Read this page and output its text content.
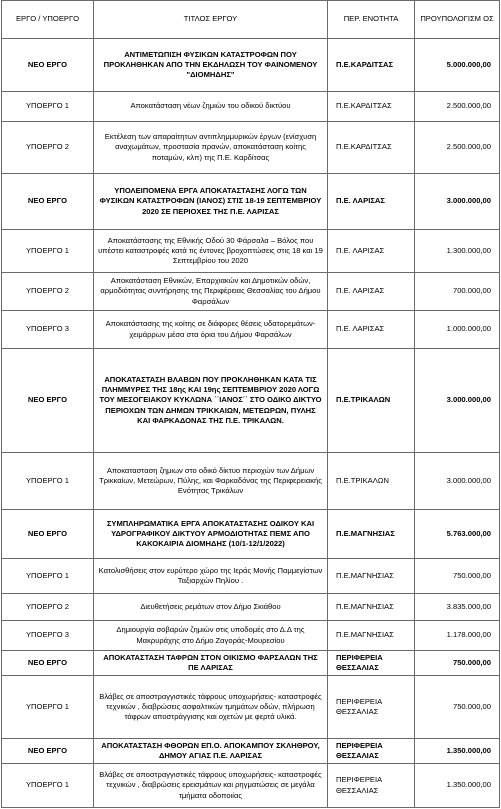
ΕΡΓΟ / ΥΠΟΕΡΓΟ	ΤΙΤΛΟΣ ΕΡΓΟΥ	ΠΕΡ. ΕΝΟΤΗΤΑ	ΠΡΟΥΠΟΛΟΓΙΣΜ ΟΣ
ΝΕΟ ΕΡΓΟ	ΑΝΤΙΜΕΤΩΠΙΣΗ ΦΥΣΙΚΩΝ ΚΑΤΑΣΤΡΟΦΩΝ ΠΟΥ ΠΡΟΚΛΗΘΗΚΑΝ ΑΠΟ ΤΗΝ ΕΚΔΗΛΩΣΗ ΤΟΥ ΦΑΙΝΟΜΕΝΟΥ "ΔΙΟΜΗΔΗΣ"	Π.Ε.ΚΑΡΔΙΤΣΑΣ	5.000.000,00
ΥΠΟΕΡΓΟ 1	Αποκατάσταση νέων ζημιών του οδικού δικτύου	Π.Ε.ΚΑΡΔΙΤΣΑΣ	2.500.000,00
ΥΠΟΕΡΓΟ 2	Εκτέλεση των απαραίτητων αντιπλημμυρικών έργων (ενίσχυση αναχωμάτων, προστασία πρανών, αποκατάσταση κοίτης ποταμών, κλπ) της Π.Ε. Καρδίτσας	Π.Ε.ΚΑΡΔΙΤΣΑΣ	2.500.000,00
ΝΕΟ ΕΡΓΟ	ΥΠΟΛΕΙΠΟΜΕΝΑ ΕΡΓΑ ΑΠΟΚΑΤΑΣΤΑΣΗΣ ΛΟΓΩ ΤΩΝ ΦΥΣΙΚΩΝ ΚΑΤΑΣΤΡΟΦΩΝ (ΙΑΝΟΣ) ΣΤΙΣ 18-19 ΣΕΠΤΕΜΒΡΙΟΥ 2020 ΣΕ ΠΕΡΙΟΧΕΣ ΤΗΣ Π.Ε. ΛΑΡΙΣΑΣ	Π.Ε. ΛΑΡΙΣΑΣ	3.000.000,00
ΥΠΟΕΡΓΟ 1	Αποκατάστασης της Εθνικής Οδού 30 Φάρσαλα – Βόλος που υπέστει καταστροφές κατά τις έντονες βροχοπτώσεις στις 18 και 19 Σεπτεμβρίου του 2020	Π.Ε. ΛΑΡΙΣΑΣ	1.300.000,00
ΥΠΟΕΡΓΟ 2	Αποκατάσταση Εθνικών, Επαρχιακών και Δημοτικών οδών, αρμοδιότητας συντήρησης της Περιφέρειας Θεσσαλίας του Δήμου Φαρσάλων	Π.Ε. ΛΑΡΙΣΑΣ	700.000,00
ΥΠΟΕΡΓΟ 3	Αποκατάστασης της κοίτης σε διάφορες θέσεις υδατορεμάτων-χειμάρρων μέσα στα όρια του Δήμου Φαρσάλων	Π.Ε. ΛΑΡΙΣΑΣ	1.000.000,00
ΝΕΟ ΕΡΓΟ	ΑΠΟΚΑΤΑΣΤΑΣΗ ΒΛΑΒΩΝ ΠΟΥ ΠΡΟΚΛΗΘΗΚΑΝ ΚΑΤΑ ΤΙΣ ΠΛΗΜΜΥΡΕΣ ΤΗΣ 18ης ΚΑΙ 19ης ΣΕΠΤΕΜΒΡΙΟΥ 2020 ΛΟΓΩ ΤΟΥ ΜΕΣΟΓΕΙΑΚΟΥ ΚΥΚΛΩΝΑ ΄΄ΙΑΝΟΣ΄΄ ΣΤΟ ΟΔΙΚΟ ΔΙΚΤΥΟ ΠΕΡΙΟΧΩΝ ΤΩΝ ΔΗΜΩΝ ΤΡΙΚΚΑΙΩΝ, ΜΕΤΕΩΡΩΝ, ΠΥΛΗΣ ΚΑΙ ΦΑΡΚΑΔΟΝΑΣ ΤΗΣ Π.Ε. ΤΡΙΚΑΛΩΝ.	Π.Ε.ΤΡΙΚΑΛΩΝ	3.000.000,00
ΥΠΟΕΡΓΟ 1	Αποκατασταση ζημιων στο οδικό δίκτυο περιοχών των Δήμων Τρικκαίων, Μετεώρων, Πύλης, και Φαρκαδόνας της Περιφερειακής Ενότητας Τρικάλων	Π.Ε.ΤΡΙΚΑΛΩΝ	3.000.000,00
ΝΕΟ ΕΡΓΟ	ΣΥΜΠΛΗΡΩΜΑΤΙΚΑ ΕΡΓΑ ΑΠΟΚΑΤΑΣΤΑΣΗΣ ΟΔΙΚΟΥ ΚΑΙ ΥΔΡΟΓΡΑΦΙΚΟΥ ΔΙΚΤΥΟΥ ΑΡΜΟΔΙΟΤΗΤΑΣ ΠΕΜΣ ΑΠΟ ΚΑΚΟΚΑΙΡΙΑ ΔΙΟΜΗΔΗΣ (10/1-12/1/2022)	Π.Ε.ΜΑΓΝΗΣΙΑΣ	5.763.000,00
ΥΠΟΕΡΓΟ 1	Κατολισθήσεις στον ευρύτερο χώρο της Ιεράς Μονής Παμμεγίστων Ταξιαρχών Πηλίου .	Π.Ε.ΜΑΓΝΗΣΙΑΣ	750.000,00
ΥΠΟΕΡΓΟ 2	Διευθετήσεις ρεμάτων στον Δήμο Σκιάθου	Π.Ε.ΜΑΓΝΗΣΙΑΣ	3.835.000,00
ΥΠΟΕΡΓΟ 3	Δημιουργία σοβαρών ζημιών στις υποδομές στο Δ.Δ της Μακρυράχης στο Δήμο Ζαγοράς-Μουρεσίου	Π.Ε.ΜΑΓΝΗΣΙΑΣ	1.178.000,00
ΝΕΟ ΕΡΓΟ	ΑΠΟΚΑΤΑΣΤΑΣΗ ΤΑΦΡΩΝ ΣΤΟΝ ΟΙΚΙΣΜΟ ΦΑΡΣΑΛΩΝ ΤΗΣ ΠΕ ΛΑΡΙΣΑΣ	ΠΕΡΙΦΕΡΕΙΑ ΘΕΣΣΑΛΙΑΣ	750.000,00
ΥΠΟΕΡΓΟ 1	Βλάβες σε αποστραγγιστικές τάφρους υποχωρήσεις- καταστροφές τεχνικών , διαβρώσεις ασφαλτικών τμημάτων οδών, πλήρωση τάφρων αποστράγγισης και οχετών με φερτά υλικά.	ΠΕΡΙΦΕΡΕΙΑ ΘΕΣΣΑΛΙΑΣ	750.000,00
ΝΕΟ ΕΡΓΟ	ΑΠΟΚΑΤΑΣΤΑΣΗ ΦΘΟΡΩΝ ΕΠ.Ο. ΑΠΟΚΑΜΠΟΥ ΣΚΛΗΘΡΟΥ, ΔΗΜΟΥ ΑΓΙΑΣ Π.Ε. ΛΑΡΙΣΑΣ	ΠΕΡΙΦΕΡΕΙΑ ΘΕΣΣΑΛΙΑΣ	1.350.000,00
ΥΠΟΕΡΓΟ 1	Βλάβες σε αποστραγγιστικές τάφρους υποχωρήσεις- καταστροφές τεχνικών , διαβρώσεις ερεισμάτων και ρηγματώσεις σε μεγάλα τμήματα οδοποιίας	ΠΕΡΙΦΕΡΕΙΑ ΘΕΣΣΑΛΙΑΣ	1.350.000,00
